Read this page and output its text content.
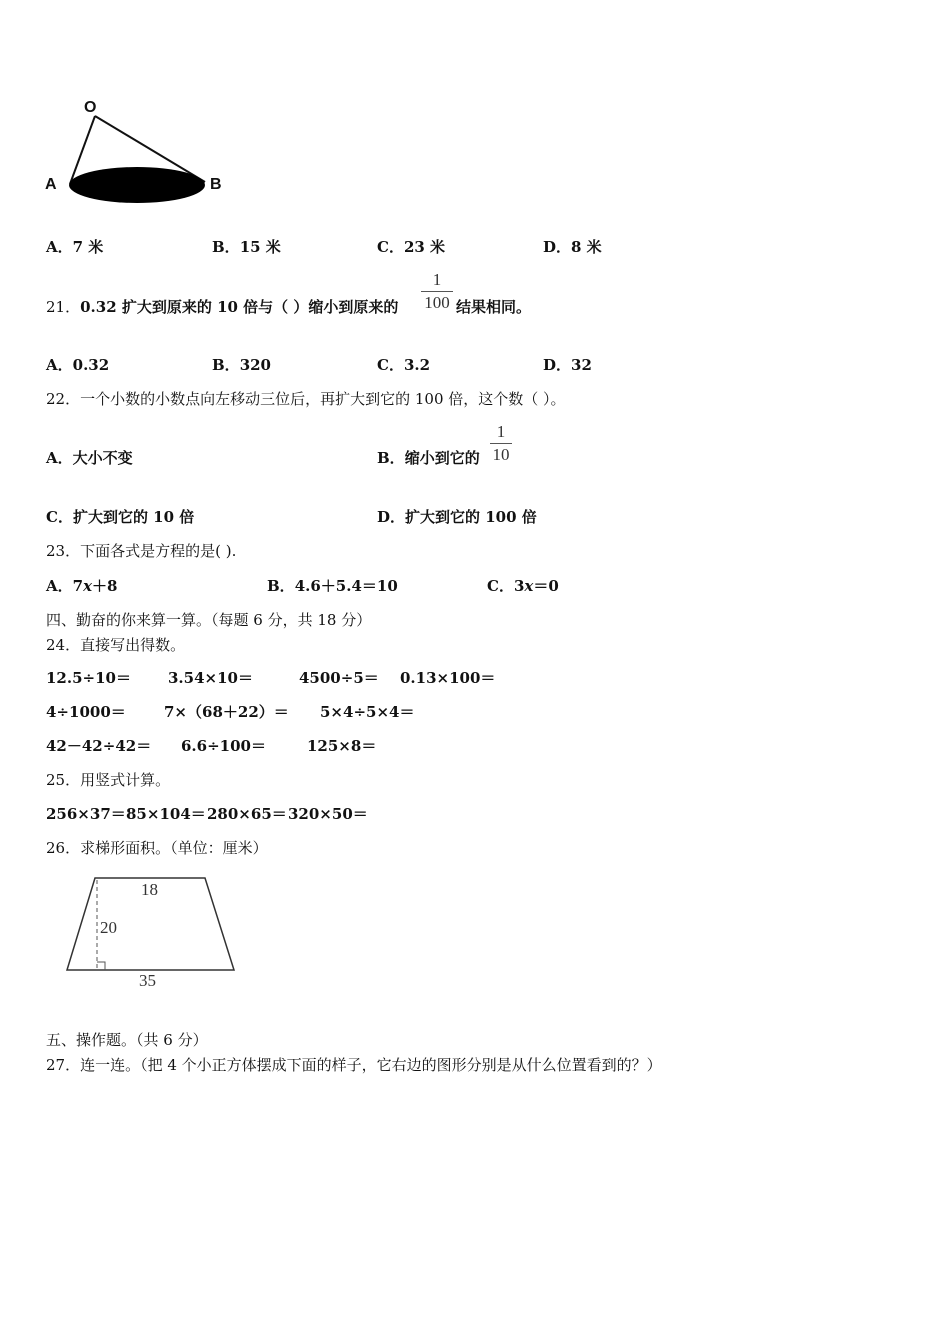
O
A	B
A．7 米	B．15 米	C．23 米	D．8 米
21．0.32 扩大到原来的 10 倍与（ ）缩小到原来的
1
100 结果相同。
A．0.32	B．320	C．3.2	D．32
22．一个小数的小数点向左移动三位后，再扩大到它的 100 倍，这个数（ ）。
A．大小不变	B．缩小到它的
1
10
C．扩大到它的 10 倍	D．扩大到它的 100 倍
23．下面各式是方程的是( ).
A．7x＋8	B．4.6＋5.4＝10	C．3x＝0
四、勤奋的你来算一算。（每题 6 分，共 18 分）
24．直接写出得数。
12.5÷10＝ 3.54×10＝	4500÷5＝ 0.13×100＝
4÷1000＝	7×（68＋22）＝ 5×4÷5×4＝
42－42÷42＝ 6.6÷100＝	125×8＝
25．用竖式计算。
256×37＝ 85×104＝ 280×65＝ 320×50＝
26．求梯形面积。（单位：厘米）
18
20
35
五、操作题。（共 6 分）
27．连一连。（把 4 个小正方体摆成下面的样子，它右边的图形分别是从什么位置看到的？）
